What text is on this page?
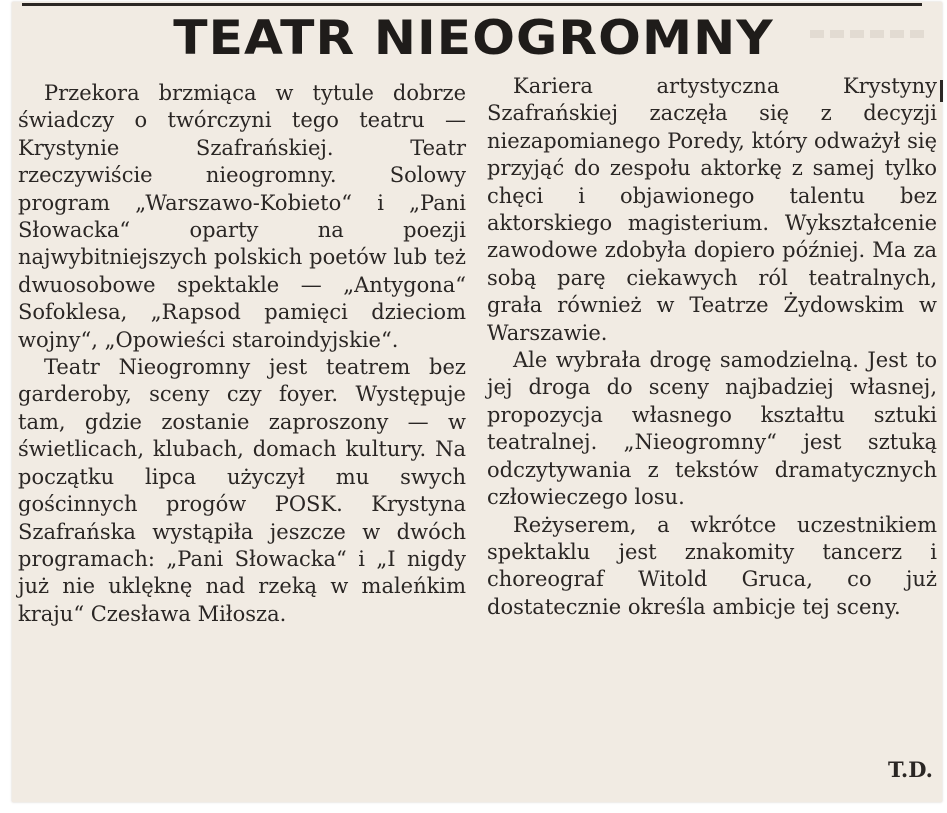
TEATR NIEOGROMNY

Przekora brzmiąca w tytule dobrze świadczy o twórczyni tego teatru — Krystynie Szafrańskiej. Teatr rzeczywiście nieogromny. Solowy program „Warszawo-Kobieto“ i „Pani Słowacka“ oparty na poezji najwybitniejszych polskich poetów lub też dwuosobowe spektakle — „Antygona“ Sofoklesa, „Rapsod pamięci dzieciom wojny“, „Opowieści staroindyjskie“.

Teatr Nieogromny jest teatrem bez garderoby, sceny czy foyer. Występuje tam, gdzie zostanie zaproszony — w świetlicach, klubach, domach kultury. Na początku lipca użyczył mu swych gościnnych progów POSK. Krystyna Szafrańska wystąpiła jeszcze w dwóch programach: „Pani Słowacka“ i „I nigdy już nie uklęknę nad rzeką w maleńkim kraju“ Czesława Miłosza.

Kariera artystyczna Krystyny Szafrańskiej zaczęła się z decyzji niezapomianego Poredy, który odważył się przyjąć do zespołu aktorkę z samej tylko chęci i objawionego talentu bez aktorskiego magisterium. Wykształcenie zawodowe zdobyła dopiero później. Ma za sobą parę ciekawych ról teatralnych, grała również w Teatrze Żydowskim w Warszawie.

Ale wybrała drogę samodzielną. Jest to jej droga do sceny najbadziej własnej, propozycja własnego kształtu sztuki teatralnej. „Nieogromny“ jest sztuką odczytywania z tekstów dramatycznych człowieczego losu.

Reżyserem, a wkrótce uczestnikiem spektaklu jest znakomity tancerz i choreograf Witold Gruca, co już dostatecznie określa ambicje tej sceny.

T.D.
